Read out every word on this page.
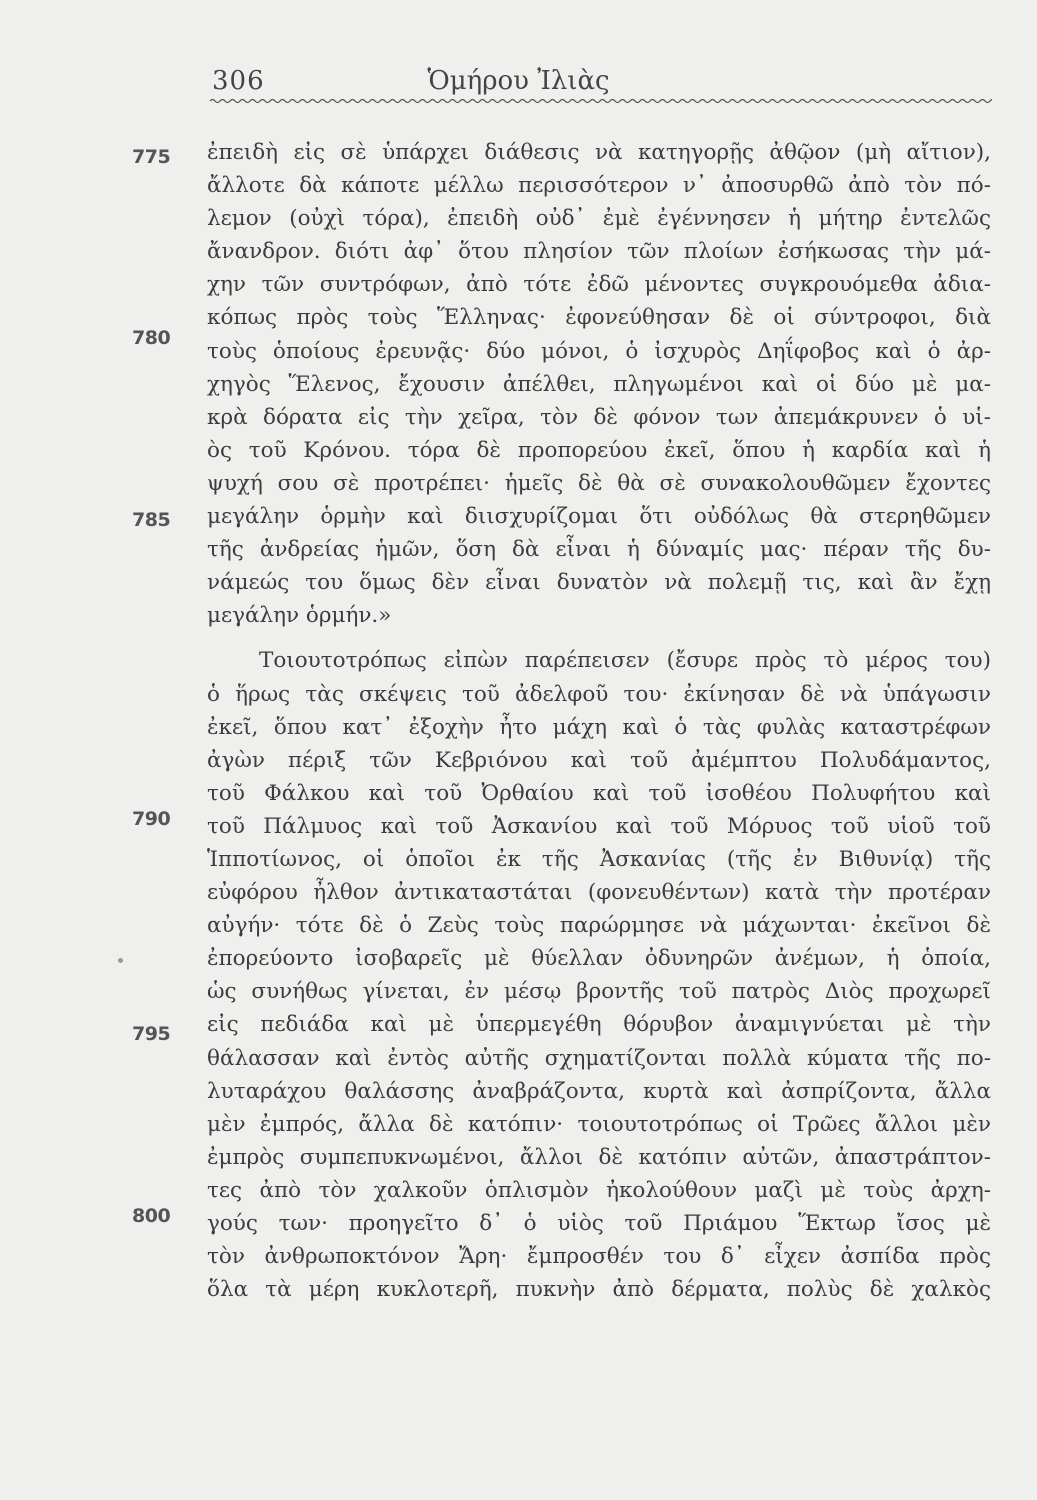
306	Ὁμήρου Ἰλιὰς
775
780
785
790
795
800
ἐπειδὴ εἰς σὲ ὑπάρχει διάθεσις νὰ κατηγορῇς ἀθῷον (μὴ αἴτιον),
ἄλλοτε δὰ κάποτε μέλλω περισσότερον ν᾽ ἀποσυρθῶ ἀπὸ τὸν πό-
λεμον (οὐχὶ τόρα), ἐπειδὴ οὐδ᾽ ἐμὲ ἐγέννησεν ἡ μήτηρ ἐντελῶς
ἄνανδρον. διότι ἀφ᾽ ὅτου πλησίον τῶν πλοίων ἐσήκωσας τὴν μά-
χην τῶν συντρόφων, ἀπὸ τότε ἐδῶ μένοντες συγκρουόμεθα ἀδια-
κόπως πρὸς τοὺς Ἕλληνας· ἐφονεύθησαν δὲ οἱ σύντροφοι, διὰ
τοὺς ὁποίους ἐρευνᾷς· δύο μόνοι, ὁ ἰσχυρὸς Δηΐφοβος καὶ ὁ ἀρ-
χηγὸς Ἕλενος, ἔχουσιν ἀπέλθει, πληγωμένοι καὶ οἱ δύο μὲ μα-
κρὰ δόρατα εἰς τὴν χεῖρα, τὸν δὲ φόνον των ἀπεμάκρυνεν ὁ υἱ-
ὸς τοῦ Κρόνου. τόρα δὲ προπορεύου ἐκεῖ, ὅπου ἡ καρδία καὶ ἡ
ψυχή σου σὲ προτρέπει· ἡμεῖς δὲ θὰ σὲ συνακολουθῶμεν ἔχοντες
μεγάλην ὁρμὴν καὶ διισχυρίζομαι ὅτι οὐδόλως θὰ στερηθῶμεν
τῆς ἀνδρείας ἡμῶν, ὅση δὰ εἶναι ἡ δύναμίς μας· πέραν τῆς δυ-
νάμεώς του ὅμως δὲν εἶναι δυνατὸν νὰ πολεμῇ τις, καὶ ἂν ἔχῃ
μεγάλην ὁρμήν.»
Τοιουτοτρόπως εἰπὼν παρέπεισεν (ἔσυρε πρὸς τὸ μέρος του)
ὁ ἥρως τὰς σκέψεις τοῦ ἀδελφοῦ του· ἐκίνησαν δὲ νὰ ὑπάγωσιν
ἐκεῖ, ὅπου κατ᾽ ἐξοχὴν ἦτο μάχη καὶ ὁ τὰς φυλὰς καταστρέφων
ἀγὼν πέριξ τῶν Κεβριόνου καὶ τοῦ ἀμέμπτου Πολυδάμαντος,
τοῦ Φάλκου καὶ τοῦ Ὀρθαίου καὶ τοῦ ἰσοθέου Πολυφήτου καὶ
τοῦ Πάλμυος καὶ τοῦ Ἀσκανίου καὶ τοῦ Μόρυος τοῦ υἱοῦ τοῦ
Ἱπποτίωνος, οἱ ὁποῖοι ἐκ τῆς Ἀσκανίας (τῆς ἐν Βιθυνίᾳ) τῆς
εὐφόρου ἦλθον ἀντικαταστάται (φονευθέντων) κατὰ τὴν προτέραν
αὐγήν· τότε δὲ ὁ Ζεὺς τοὺς παρώρμησε νὰ μάχωνται· ἐκεῖνοι δὲ
ἐπορεύοντο ἰσοβαρεῖς μὲ θύελλαν ὀδυνηρῶν ἀνέμων, ἡ ὁποία,
ὡς συνήθως γίνεται, ἐν μέσῳ βροντῆς τοῦ πατρὸς Διὸς προχωρεῖ
εἰς πεδιάδα καὶ μὲ ὑπερμεγέθη θόρυβον ἀναμιγνύεται μὲ τὴν
θάλασσαν καὶ ἐντὸς αὐτῆς σχηματίζονται πολλὰ κύματα τῆς πο-
λυταράχου θαλάσσης ἀναβράζοντα, κυρτὰ καὶ ἀσπρίζοντα, ἄλλα
μὲν ἐμπρός, ἄλλα δὲ κατόπιν· τοιουτοτρόπως οἱ Τρῶες ἄλλοι μὲν
ἐμπρὸς συμπεπυκνωμένοι, ἄλλοι δὲ κατόπιν αὐτῶν, ἀπαστράπτον-
τες ἀπὸ τὸν χαλκοῦν ὁπλισμὸν ἠκολούθουν μαζὶ μὲ τοὺς ἀρχη-
γούς των· προηγεῖτο δ᾽ ὁ υἱὸς τοῦ Πριάμου Ἕκτωρ ἴσος μὲ
τὸν ἀνθρωποκτόνον Ἄρη· ἔμπροσθέν του δ᾽ εἶχεν ἀσπίδα πρὸς
ὅλα τὰ μέρη κυκλοτερῆ, πυκνὴν ἀπὸ δέρματα, πολὺς δὲ χαλκὸς
